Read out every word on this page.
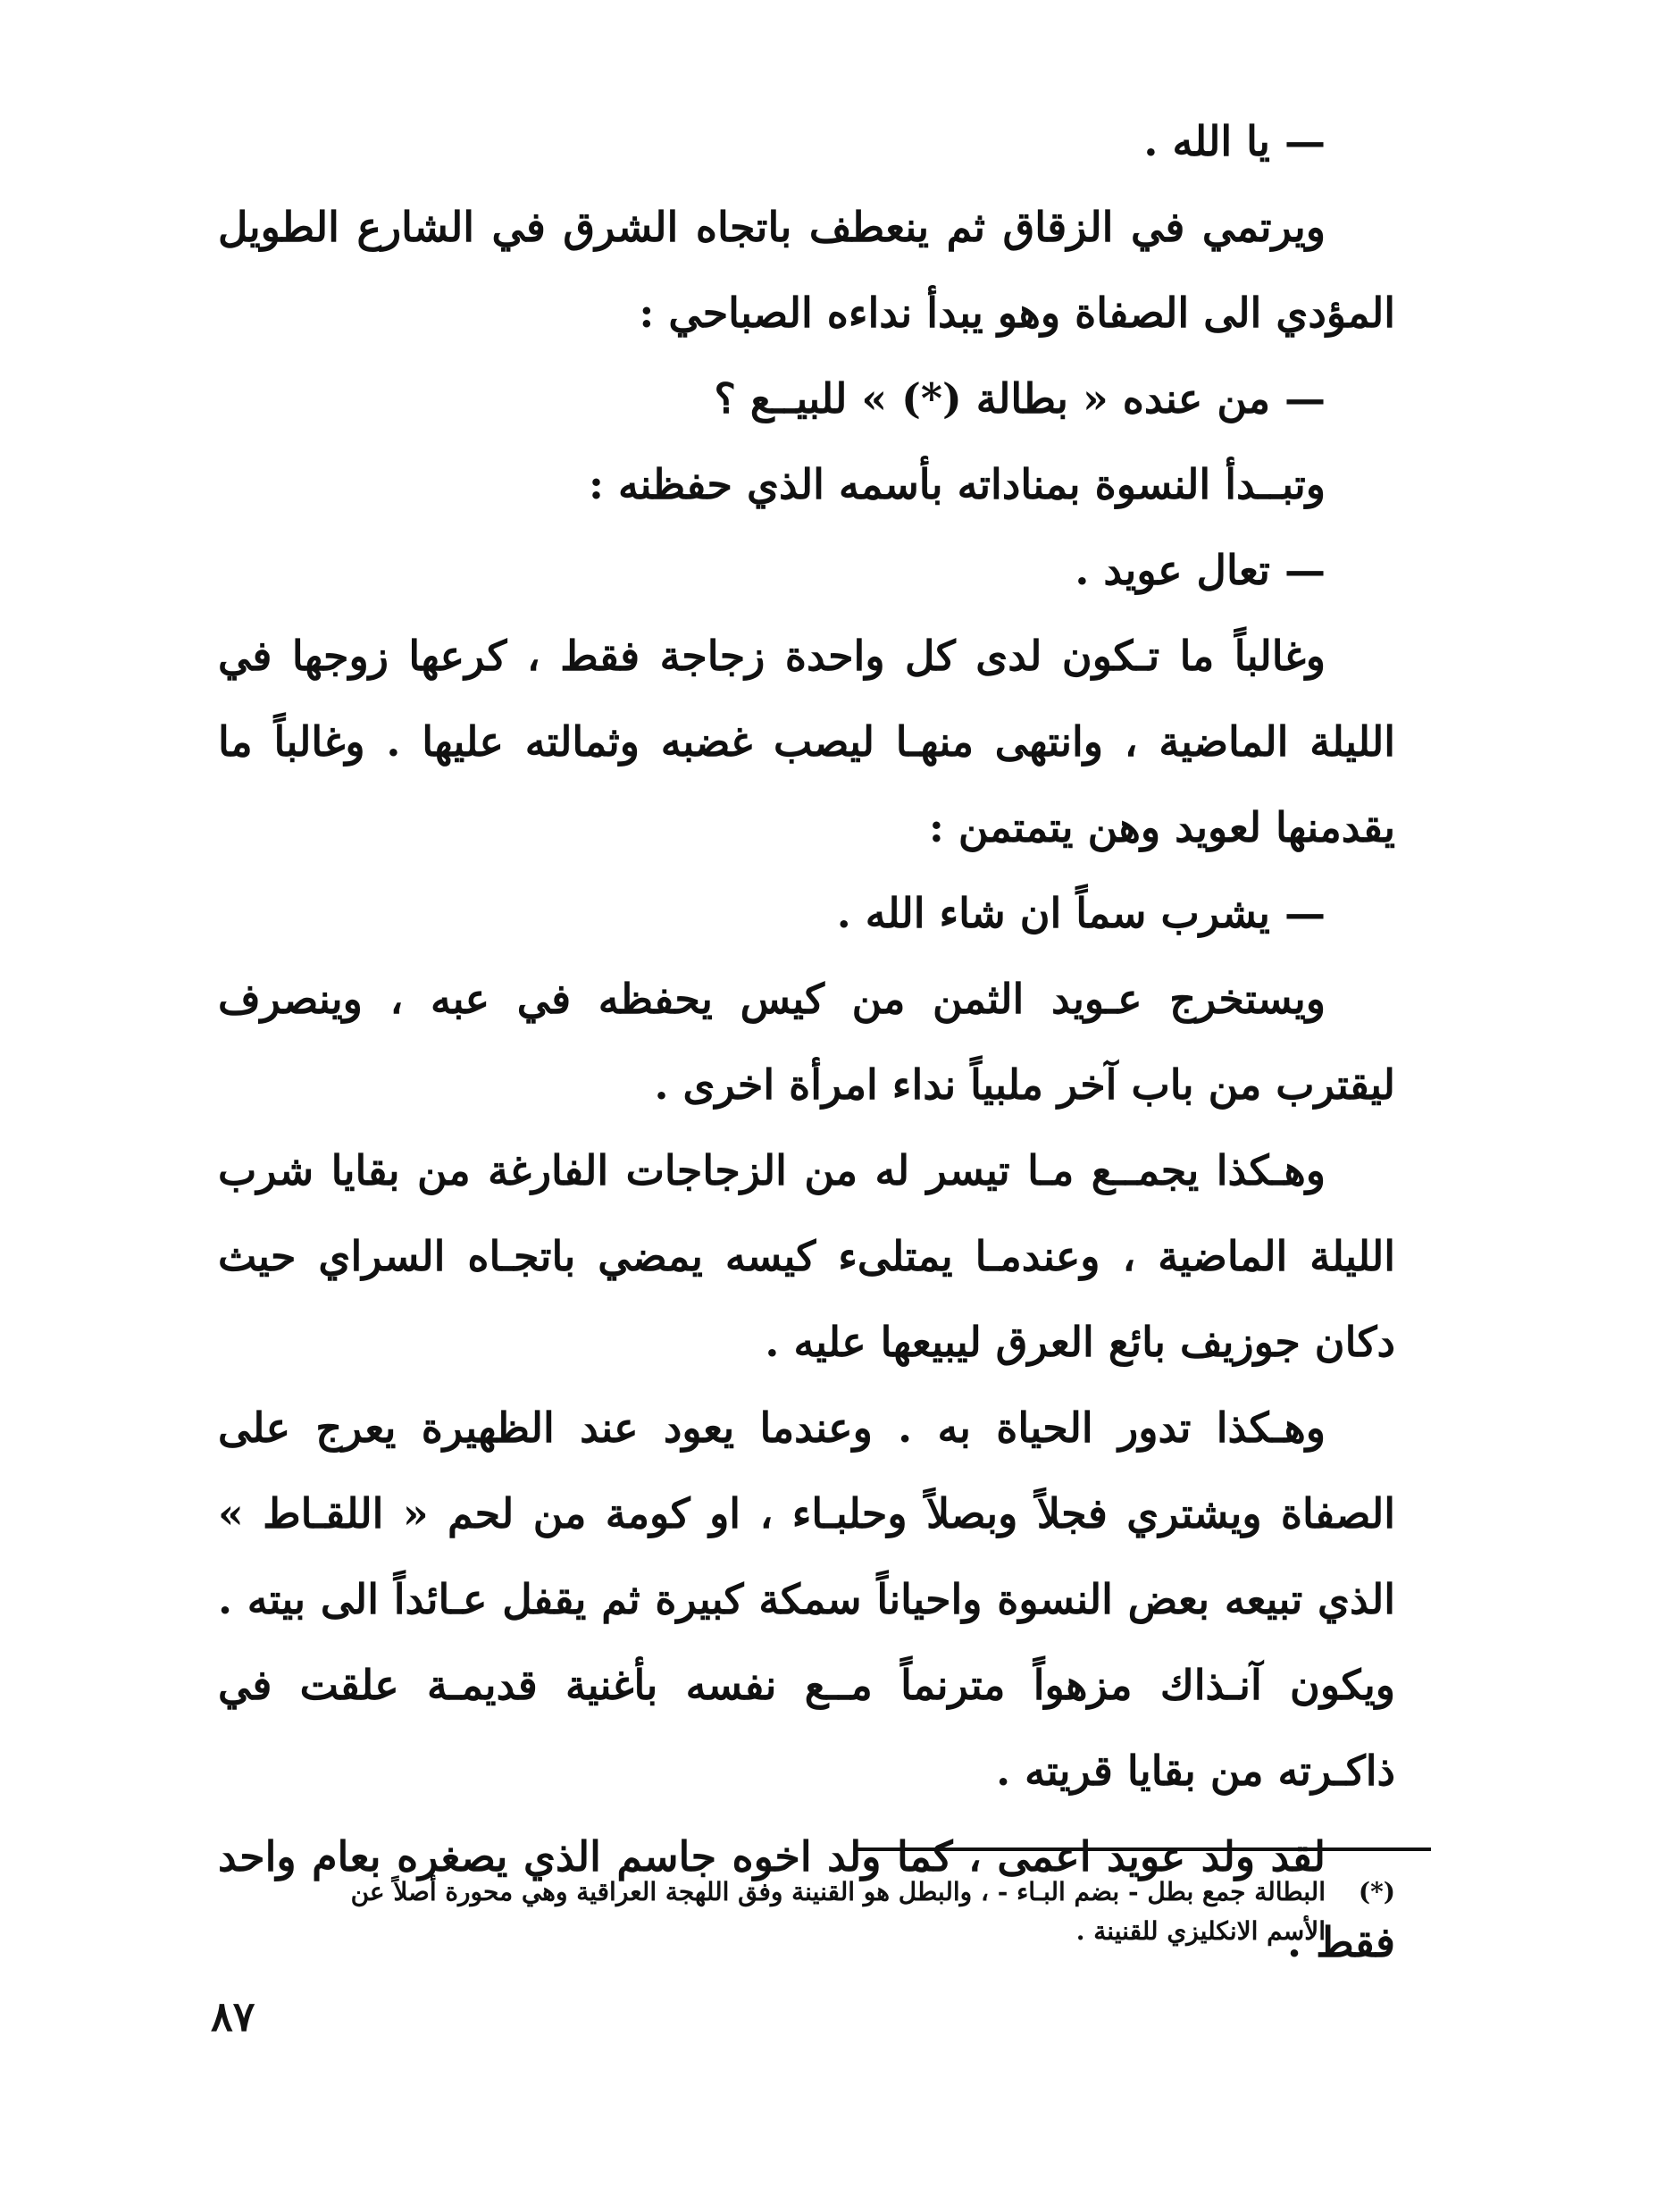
— يا الله .

ويرتمي في الزقاق ثم ينعطف باتجاه الشرق في الشارع الطويل المؤدي الى الصفاة وهو يبدأ نداءه الصباحي :

— من عنده « بطالة (*) » للبيــع ؟

وتبــدأ النسوة بمناداته بأسمه الذي حفظنه :

— تعال عويد .

وغالباً ما تـكون لدى كل واحدة زجاجة فقط ، كرعها زوجها في الليلة الماضية ، وانتهى منهـا ليصب غضبه وثمالته عليها . وغالباً ما يقدمنها لعويد وهن يتمتمن :

— يشرب سماً ان شاء الله .

ويستخرج عـويد الثمن من كيس يحفظه في عبه ، وينصرف ليقترب من باب آخر ملبياً نداء امرأة اخرى .

وهـكذا يجمــع مـا تيسر له من الزجاجات الفارغة من بقايا شرب الليلة الماضية ، وعندمـا يمتلىء كيسه يمضي باتجـاه السراي حيث دكان جوزيف بائع العرق ليبيعها عليه .

وهـكذا تدور الحياة به . وعندما يعود عند الظهيرة يعرج على الصفاة ويشتري فجلاً وبصلاً وحلبـاء ، او كومة من لحم « اللقـاط » الذي تبيعه بعض النسوة واحياناً سمكة كبيرة ثم يقفل عـائداً الى بيته . ويكون آنـذاك مزهواً مترنماً مــع نفسه بأغنية قديمـة علقت في ذاكـرته من بقايا قريته .

لقد ولد عويد اعمى ، كما ولد اخوه جاسم الذي يصغره بعام واحد فقط .

(*)البطالة جمع بطل - بضم البـاء - ، والبطل هو القنينة وفق اللهجة العراقية وهي محورة أصلاً عن
الأسم الانكليزي للقنينة .
٨٧
